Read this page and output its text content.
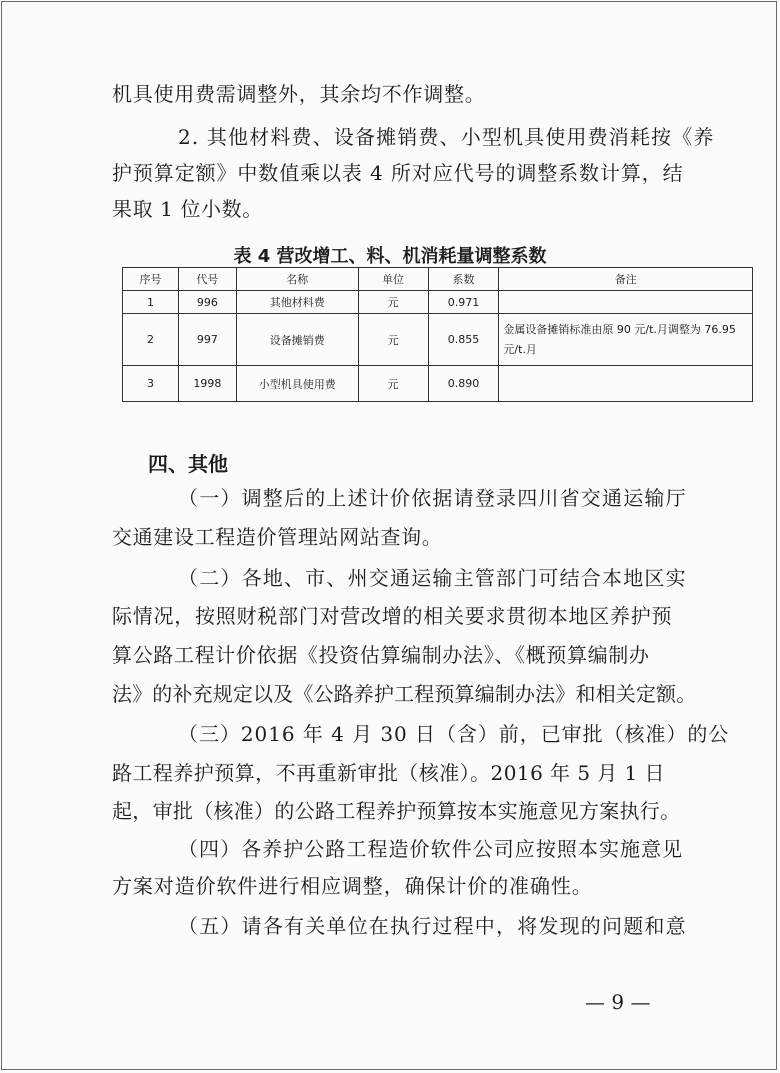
机具使用费需调整外，其余均不作调整。
2. 其他材料费、设备摊销费、小型机具使用费消耗按《养
护预算定额》中数值乘以表 4 所对应代号的调整系数计算，结
果取 1 位小数。
表 4 营改增工、料、机消耗量调整系数
序号	代号	名称	单位	系数	备注
1	996	其他材料费	元	0.971	
2	997	设备摊销费	元	0.855	金属设备摊销标准由原 90 元/t.月调整为 76.95 元/t.月
3	1998	小型机具使用费	元	0.890	
四、其他
（一）调整后的上述计价依据请登录四川省交通运输厅
交通建设工程造价管理站网站查询。
（二）各地、市、州交通运输主管部门可结合本地区实
际情况，按照财税部门对营改增的相关要求贯彻本地区养护预
算公路工程计价依据《投资估算编制办法》、《概预算编制办
法》的补充规定以及《公路养护工程预算编制办法》和相关定额。
（三）2016 年 4 月 30 日（含）前，已审批（核准）的公
路工程养护预算，不再重新审批（核准）。2016 年 5 月 1 日
起，审批（核准）的公路工程养护预算按本实施意见方案执行。
（四）各养护公路工程造价软件公司应按照本实施意见
方案对造价软件进行相应调整，确保计价的准确性。
（五）请各有关单位在执行过程中，将发现的问题和意
— 9 —
